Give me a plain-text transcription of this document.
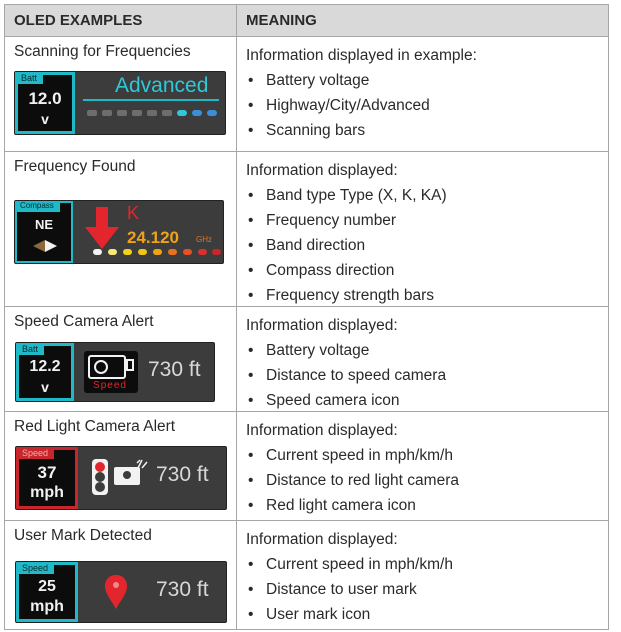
OLED EXAMPLES	MEANING
Scanning for Frequencies
Batt
12.0
v
Advanced
Information displayed in example:
• Battery voltage
• Highway/City/Advanced
• Scanning bars
Frequency Found
Compass
NE
K
24.120 GHz
Information displayed:
• Band type Type (X, K, KA)
• Frequency number
• Band direction
• Compass direction
• Frequency strength bars
Speed Camera Alert
Batt
12.2
v	Speed
730 ft
Information displayed:
• Battery voltage
• Distance to speed camera
• Speed camera icon
Red Light Camera Alert
Speed
37
mph
730 ft
Information displayed:
• Current speed in mph/km/h
• Distance to red light camera
• Red light camera icon
User Mark Detected
Speed
25
mph
730 ft
Information displayed:
• Current speed in mph/km/h
• Distance to user mark
• User mark icon
